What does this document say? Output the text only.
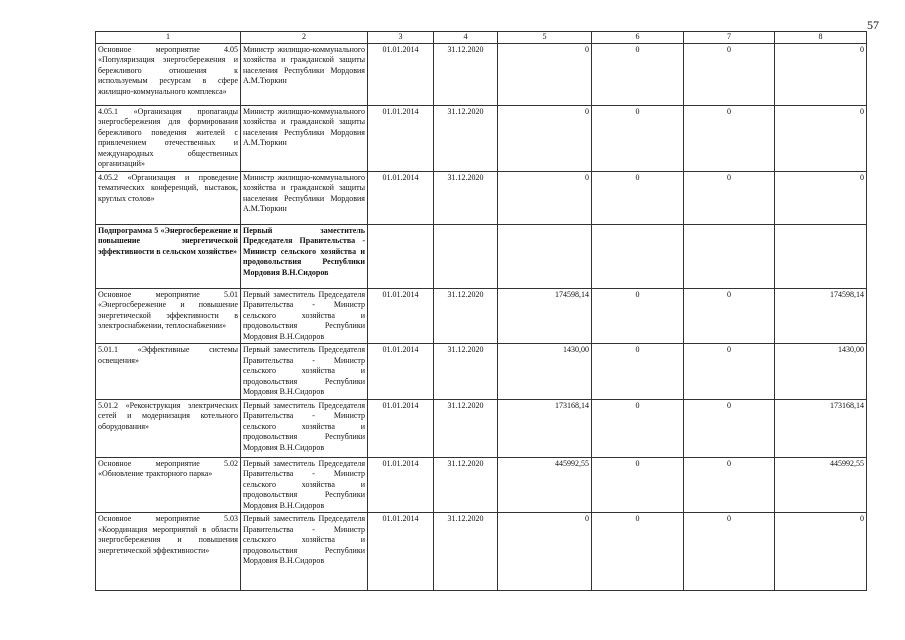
57
1	2	3	4	5	6	7	8
Основное мероприятие 4.05 «Популяризация энергосбережения и бережливого отношения к используемым ресурсам в сфере жилищно-коммунального комплекса»	Министр жилищно-коммунального хозяйства и гражданской защиты населения Республики Мордовия А.М.Тюркин	01.01.2014	31.12.2020	0	0	0	0
4.05.1 «Организация пропаганды энергосбережения для формирования бережливого поведения жителей с привлечением отечественных и международных общественных организаций»	Министр жилищно-коммунального хозяйства и гражданской защиты населения Республики Мордовия А.М.Тюркин	01.01.2014	31.12.2020	0	0	0	0
4.05.2 «Организация и проведение тематических конференций, выставок, круглых столов»	Министр жилищно-коммунального хозяйства и гражданской защиты населения Республики Мордовия А.М.Тюркин	01.01.2014	31.12.2020	0	0	0	0
Подпрограмма 5 «Энергосбережение и повышение энергетической эффективности в сельском хозяйстве»	Первый заместитель Председателя Правительства - Министр сельского хозяйства и продовольствия Республики Мордовия В.Н.Сидоров						
Основное мероприятие 5.01 «Энергосбережение и повышение энергетической эффективности в электроснабжении, теплоснабжении»	Первый заместитель Председателя Правительства - Министр сельского хозяйства и продовольствия Республики Мордовия В.Н.Сидоров	01.01.2014	31.12.2020	174598,14	0	0	174598,14
5.01.1 «Эффективные системы освещения»	Первый заместитель Председателя Правительства - Министр сельского хозяйства и продовольствия Республики Мордовия В.Н.Сидоров	01.01.2014	31.12.2020	1430,00	0	0	1430,00
5.01.2 «Реконструкция электрических сетей и модернизация котельного оборудования»	Первый заместитель Председателя Правительства - Министр сельского хозяйства и продовольствия Республики Мордовия В.Н.Сидоров	01.01.2014	31.12.2020	173168,14	0	0	173168,14
Основное мероприятие 5.02 «Обновление тракторного парка»	Первый заместитель Председателя Правительства - Министр сельского хозяйства и продовольствия Республики Мордовия В.Н.Сидоров	01.01.2014	31.12.2020	445992,55	0	0	445992,55
Основное мероприятие 5.03 «Координация мероприятий в области энергосбережения и повышения энергетической эффективности»	Первый заместитель Председателя Правительства - Министр сельского хозяйства и продовольствия Республики Мордовия В.Н.Сидоров	01.01.2014	31.12.2020	0	0	0	0
